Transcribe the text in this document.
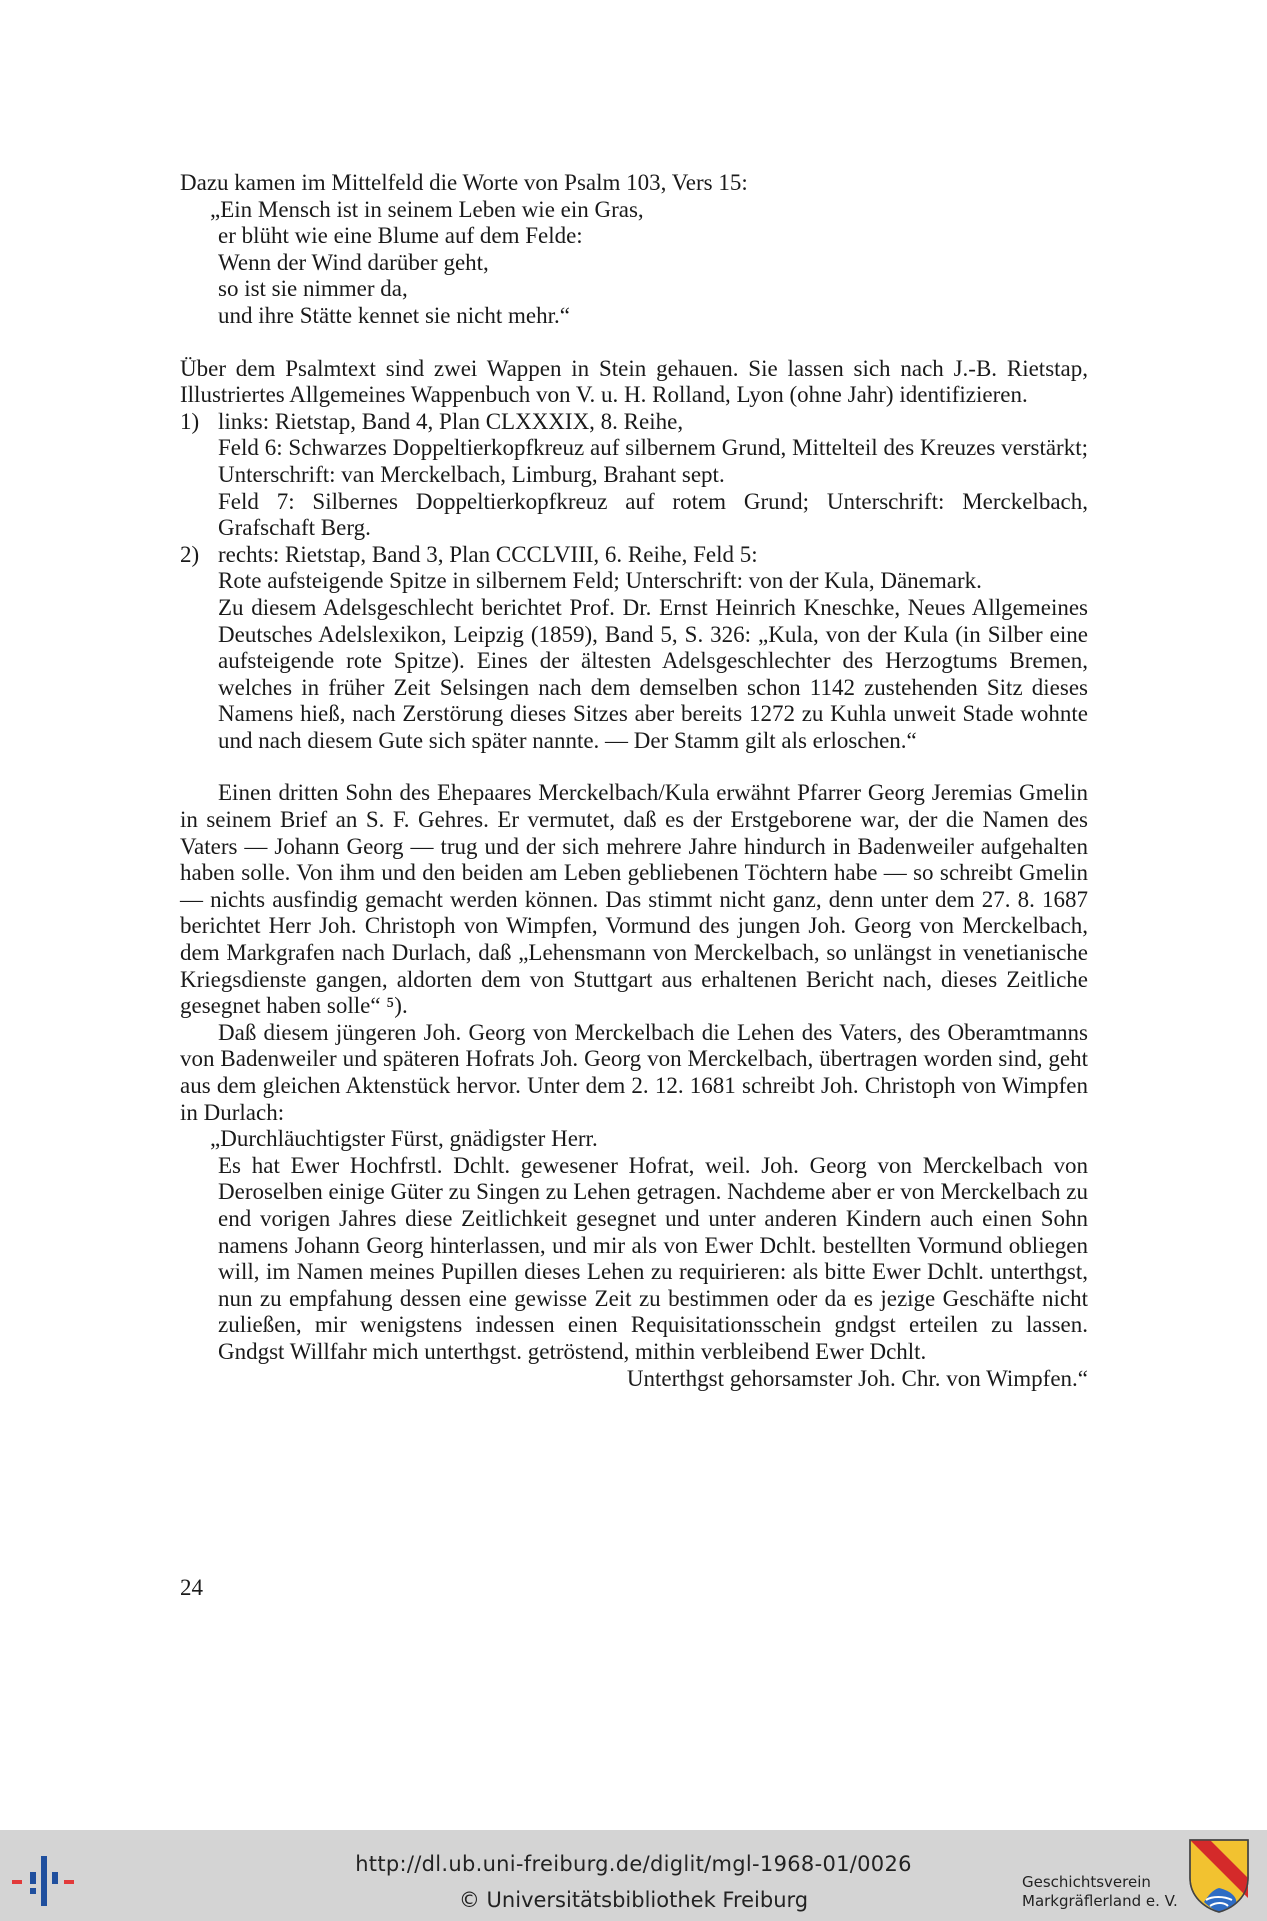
Dazu kamen im Mittelfeld die Worte von Psalm 103, Vers 15:

„Ein Mensch ist in seinem Leben wie ein Gras,
er blüht wie eine Blume auf dem Felde:
Wenn der Wind darüber geht,
so ist sie nimmer da,
und ihre Stätte kennet sie nicht mehr.“

Über dem Psalmtext sind zwei Wappen in Stein gehauen. Sie lassen sich nach J.-B. Rietstap, Illustriertes Allgemeines Wappenbuch von V. u. H. Rolland, Lyon (ohne Jahr) identifizieren.

1) links: Rietstap, Band 4, Plan CLXXXIX, 8. Reihe,

Feld 6: Schwarzes Doppeltierkopfkreuz auf silbernem Grund, Mittelteil des Kreuzes verstärkt; Unterschrift: van Merckelbach, Limburg, Brahant sept.

Feld 7: Silbernes Doppeltierkopfkreuz auf rotem Grund; Unterschrift: Merckelbach, Grafschaft Berg.

2) rechts: Rietstap, Band 3, Plan CCCLVIII, 6. Reihe, Feld 5:

Rote aufsteigende Spitze in silbernem Feld; Unterschrift: von der Kula, Dänemark.

Zu diesem Adelsgeschlecht berichtet Prof. Dr. Ernst Heinrich Kneschke, Neues Allgemeines Deutsches Adelslexikon, Leipzig (1859), Band 5, S. 326: „Kula, von der Kula (in Silber eine aufsteigende rote Spitze). Eines der ältesten Adelsgeschlechter des Herzogtums Bremen, welches in früher Zeit Selsingen nach dem demselben schon 1142 zustehenden Sitz dieses Namens hieß, nach Zerstörung dieses Sitzes aber bereits 1272 zu Kuhla unweit Stade wohnte und nach diesem Gute sich später nannte. — Der Stamm gilt als erloschen.“

Einen dritten Sohn des Ehepaares Merckelbach/Kula erwähnt Pfarrer Georg Jeremias Gmelin in seinem Brief an S. F. Gehres. Er vermutet, daß es der Erstgeborene war, der die Namen des Vaters — Johann Georg — trug und der sich mehrere Jahre hindurch in Badenweiler aufgehalten haben solle. Von ihm und den beiden am Leben gebliebenen Töchtern habe — so schreibt Gmelin — nichts ausfindig gemacht werden können. Das stimmt nicht ganz, denn unter dem 27. 8. 1687 berichtet Herr Joh. Christoph von Wimpfen, Vormund des jungen Joh. Georg von Merckelbach, dem Markgrafen nach Durlach, daß „Lehensmann von Merckelbach, so unlängst in venetianische Kriegsdienste gangen, aldorten dem von Stuttgart aus erhaltenen Bericht nach, dieses Zeitliche gesegnet haben solle“ ⁵).

Daß diesem jüngeren Joh. Georg von Merckelbach die Lehen des Vaters, des Oberamtmanns von Badenweiler und späteren Hofrats Joh. Georg von Merckelbach, übertragen worden sind, geht aus dem gleichen Aktenstück hervor. Unter dem 2. 12. 1681 schreibt Joh. Christoph von Wimpfen in Durlach:

„Durchläuchtigster Fürst, gnädigster Herr.

Es hat Ewer Hochfrstl. Dchlt. gewesener Hofrat, weil. Joh. Georg von Merckelbach von Deroselben einige Güter zu Singen zu Lehen getragen. Nachdeme aber er von Merckelbach zu end vorigen Jahres diese Zeitlichkeit gesegnet und unter anderen Kindern auch einen Sohn namens Johann Georg hinterlassen, und mir als von Ewer Dchlt. bestellten Vormund obliegen will, im Namen meines Pupillen dieses Lehen zu requirieren: als bitte Ewer Dchlt. unterthgst, nun zu empfahung dessen eine gewisse Zeit zu bestimmen oder da es jezige Geschäfte nicht zuließen, mir wenigstens indessen einen Requisitationsschein gndgst erteilen zu lassen. Gndgst Willfahr mich unterthgst. getröstend, mithin verbleibend Ewer Dchlt.

Unterthgst gehorsamster Joh. Chr. von Wimpfen.“

24
http://dl.ub.uni-freiburg.de/diglit/mgl-1968-01/0026
© Universitätsbibliothek Freiburg
Geschichtsverein
Markgräflerland e. V.
